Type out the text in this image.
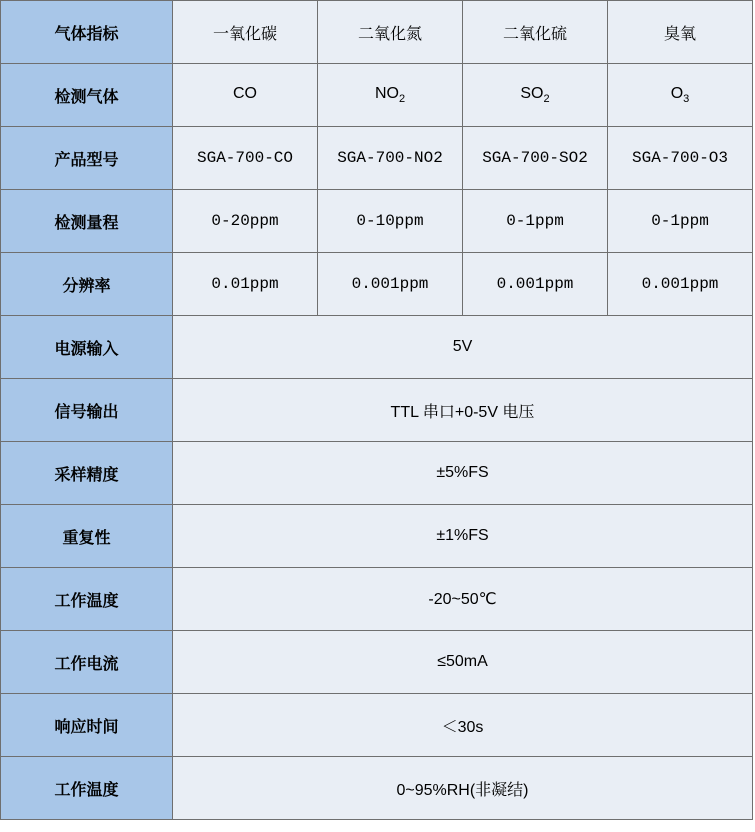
气体指标	一氧化碳	二氧化氮	二氧化硫	臭氧
检测气体	CO	$NO_2$	$SO_2$	$O_3$
产品型号	SGA-700-CO	SGA-700-NO2	SGA-700-SO2	SGA-700-O3
检测量程	0-20ppm	0-10ppm	0-1ppm	0-1ppm
分辨率	0.01ppm	0.001ppm	0.001ppm	0.001ppm
电源输入	5V			
信号输出	TTL 串口+0-5V 电压			
采样精度	±5%FS			
重复性	±1%FS			
工作温度	-20~50℃			
工作电流	≤50mA			
响应时间	＜30s			
工作温度	0~95%RH(非凝结)			
